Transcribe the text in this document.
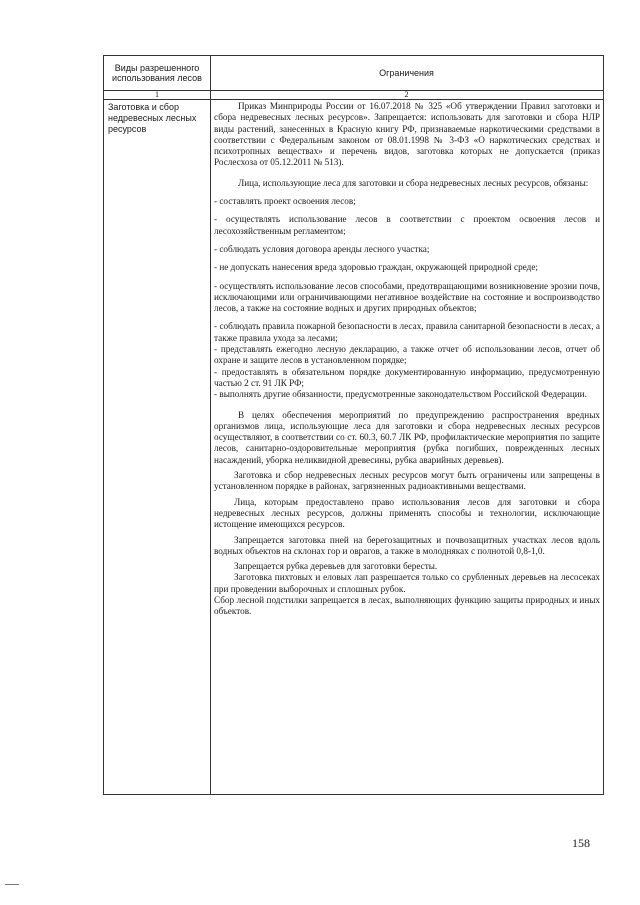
Виды разрешенного использования лесов	Ограничения
1	2
Заготовка и сбор недревесных лесных ресурсов

Приказ Минприроды России от 16.07.2018 № 325 «Об утверждении Правил заготовки и сбора недревесных лесных ресурсов». Запрещается: использовать для заготовки и сбора НЛР виды растений, занесенных в Красную книгу РФ, признаваемые наркотическими средствами в соответствии с Федеральным законом от 08.01.1998 № 3-ФЗ «О наркотических средствах и психотропных веществах» и перечень видов, заготовка которых не допускается (приказ Рослесхоза от 05.12.2011 № 513).

Лица, использующие леса для заготовки и сбора недревесных лесных ресурсов, обязаны:

- составлять проект освоения лесов;

- осуществлять использование лесов в соответствии с проектом освоения лесов и лесохозяйственным регламентом;

- соблюдать условия договора аренды лесного участка;

- не допускать нанесения вреда здоровью граждан, окружающей природной среде;

- осуществлять использование лесов способами, предотвращающими возникновение эрозии почв, исключающими или ограничивающими негативное воздействие на состояние и воспроизводство лесов, а также на состояние водных и других природных объектов;

- соблюдать правила пожарной безопасности в лесах, правила санитарной безопасности в лесах, а также правила ухода за лесами;

- представлять ежегодно лесную декларацию, а также отчет об использовании лесов, отчет об охране и защите лесов в установленном порядке;

- предоставлять в обязательном порядке документированную информацию, предусмотренную частью 2 ст. 91 ЛК РФ;

- выполнять другие обязанности, предусмотренные законодательством Российской Федерации.

В целях обеспечения мероприятий по предупреждению распространения вредных организмов лица, использующие леса для заготовки и сбора недревесных лесных ресурсов осуществляют, в соответствии со ст. 60.3, 60.7 ЛК РФ, профилактические мероприятия по защите лесов, санитарно-оздоровительные мероприятия (рубка погибших, поврежденных лесных насаждений, уборка неликвидной древесины, рубка аварийных деревьев).

Заготовка и сбор недревесных лесных ресурсов могут быть ограничены или запрещены в установленном порядке в районах, загрязненных радиоактивными веществами.

Лица, которым предоставлено право использования лесов для заготовки и сбора недревесных лесных ресурсов, должны применять способы и технологии, исключающие истощение имеющихся ресурсов.

Запрещается заготовка пней на берегозащитных и почвозащитных участках лесов вдоль водных объектов на склонах гор и оврагов, а также в молодняках с полнотой 0,8-1,0.

Запрещается рубка деревьев для заготовки бересты.

Заготовка пихтовых и еловых лап разрешается только со срубленных деревьев на лесосеках при проведении выборочных и сплошных рубок.

Сбор лесной подстилки запрещается в лесах, выполняющих функцию защиты природных и иных объектов.

158
